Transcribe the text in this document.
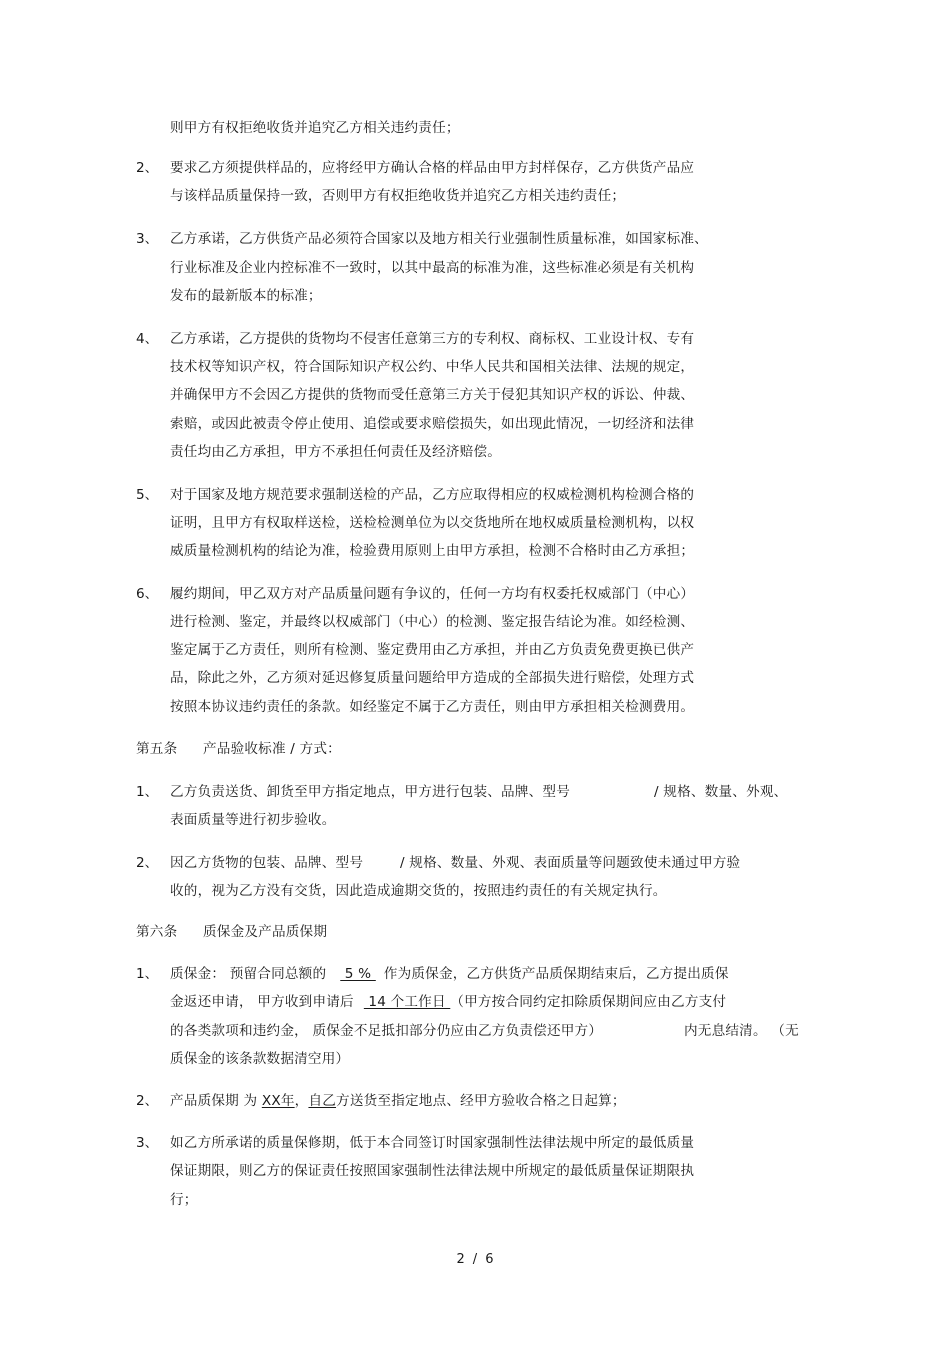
则甲方有权拒绝收货并追究乙方相关违约责任；
2、 要求乙方须提供样品的，应将经甲方确认合格的样品由甲方封样保存，乙方供货产品应
与该样品质量保持一致，否则甲方有权拒绝收货并追究乙方相关违约责任；
3、 乙方承诺，乙方供货产品必须符合国家以及地方相关行业强制性质量标准，如国家标准、
行业标准及企业内控标准不一致时，以其中最高的标准为准，这些标准必须是有关机构
发布的最新版本的标准；
4、 乙方承诺，乙方提供的货物均不侵害任意第三方的专利权、商标权、工业设计权、专有
技术权等知识产权，符合国际知识产权公约、中华人民共和国相关法律、法规的规定，
并确保甲方不会因乙方提供的货物而受任意第三方关于侵犯其知识产权的诉讼、仲裁、
索赔，或因此被责令停止使用、追偿或要求赔偿损失，如出现此情况，一切经济和法律
责任均由乙方承担，甲方不承担任何责任及经济赔偿。
5、 对于国家及地方规范要求强制送检的产品，乙方应取得相应的权威检测机构检测合格的
证明，且甲方有权取样送检，送检检测单位为以交货地所在地权威质量检测机构，以权
威质量检测机构的结论为准，检验费用原则上由甲方承担，检测不合格时由乙方承担；
6、 履约期间，甲乙双方对产品质量问题有争议的，任何一方均有权委托权威部门（中心）
进行检测、鉴定，并最终以权威部门（中心）的检测、鉴定报告结论为准。如经检测、
鉴定属于乙方责任，则所有检测、鉴定费用由乙方承担，并由乙方负责免费更换已供产
品，除此之外，乙方须对延迟修复质量问题给甲方造成的全部损失进行赔偿，处理方式
按照本协议违约责任的条款。如经鉴定不属于乙方责任，则由甲方承担相关检测费用。
第五条 产品验收标准 / 方式：
1、 乙方负责送货、卸货至甲方指定地点，甲方进行包装、品牌、型号	/ 规格、数量、外观、
表面质量等进行初步验收。
2、 因乙方货物的包装、品牌、型号	/ 规格、数量、外观、表面质量等问题致使未通过甲方验
收的，视为乙方没有交货，因此造成逾期交货的，按照违约责任的有关规定执行。
第六条 质保金及产品质保期
1、 质保金： 预留合同总额的 5 % 作为质保金，乙方供货产品质保期结束后，乙方提出质保
金返还申请， 甲方收到申请后 14 个工作日 （甲方按合同约定扣除质保期间应由乙方支付
的各类款项和违约金， 质保金不足抵扣部分仍应由乙方负责偿还甲方）	内无息结清。 （无
质保金的该条款数据清空用）
2、 产品质保期 为 XX年，自乙方送货至指定地点、经甲方验收合格之日起算；
3、 如乙方所承诺的质量保修期，低于本合同签订时国家强制性法律法规中所定的最低质量
保证期限，则乙方的保证责任按照国家强制性法律法规中所规定的最低质量保证期限执
行；
2 / 6
